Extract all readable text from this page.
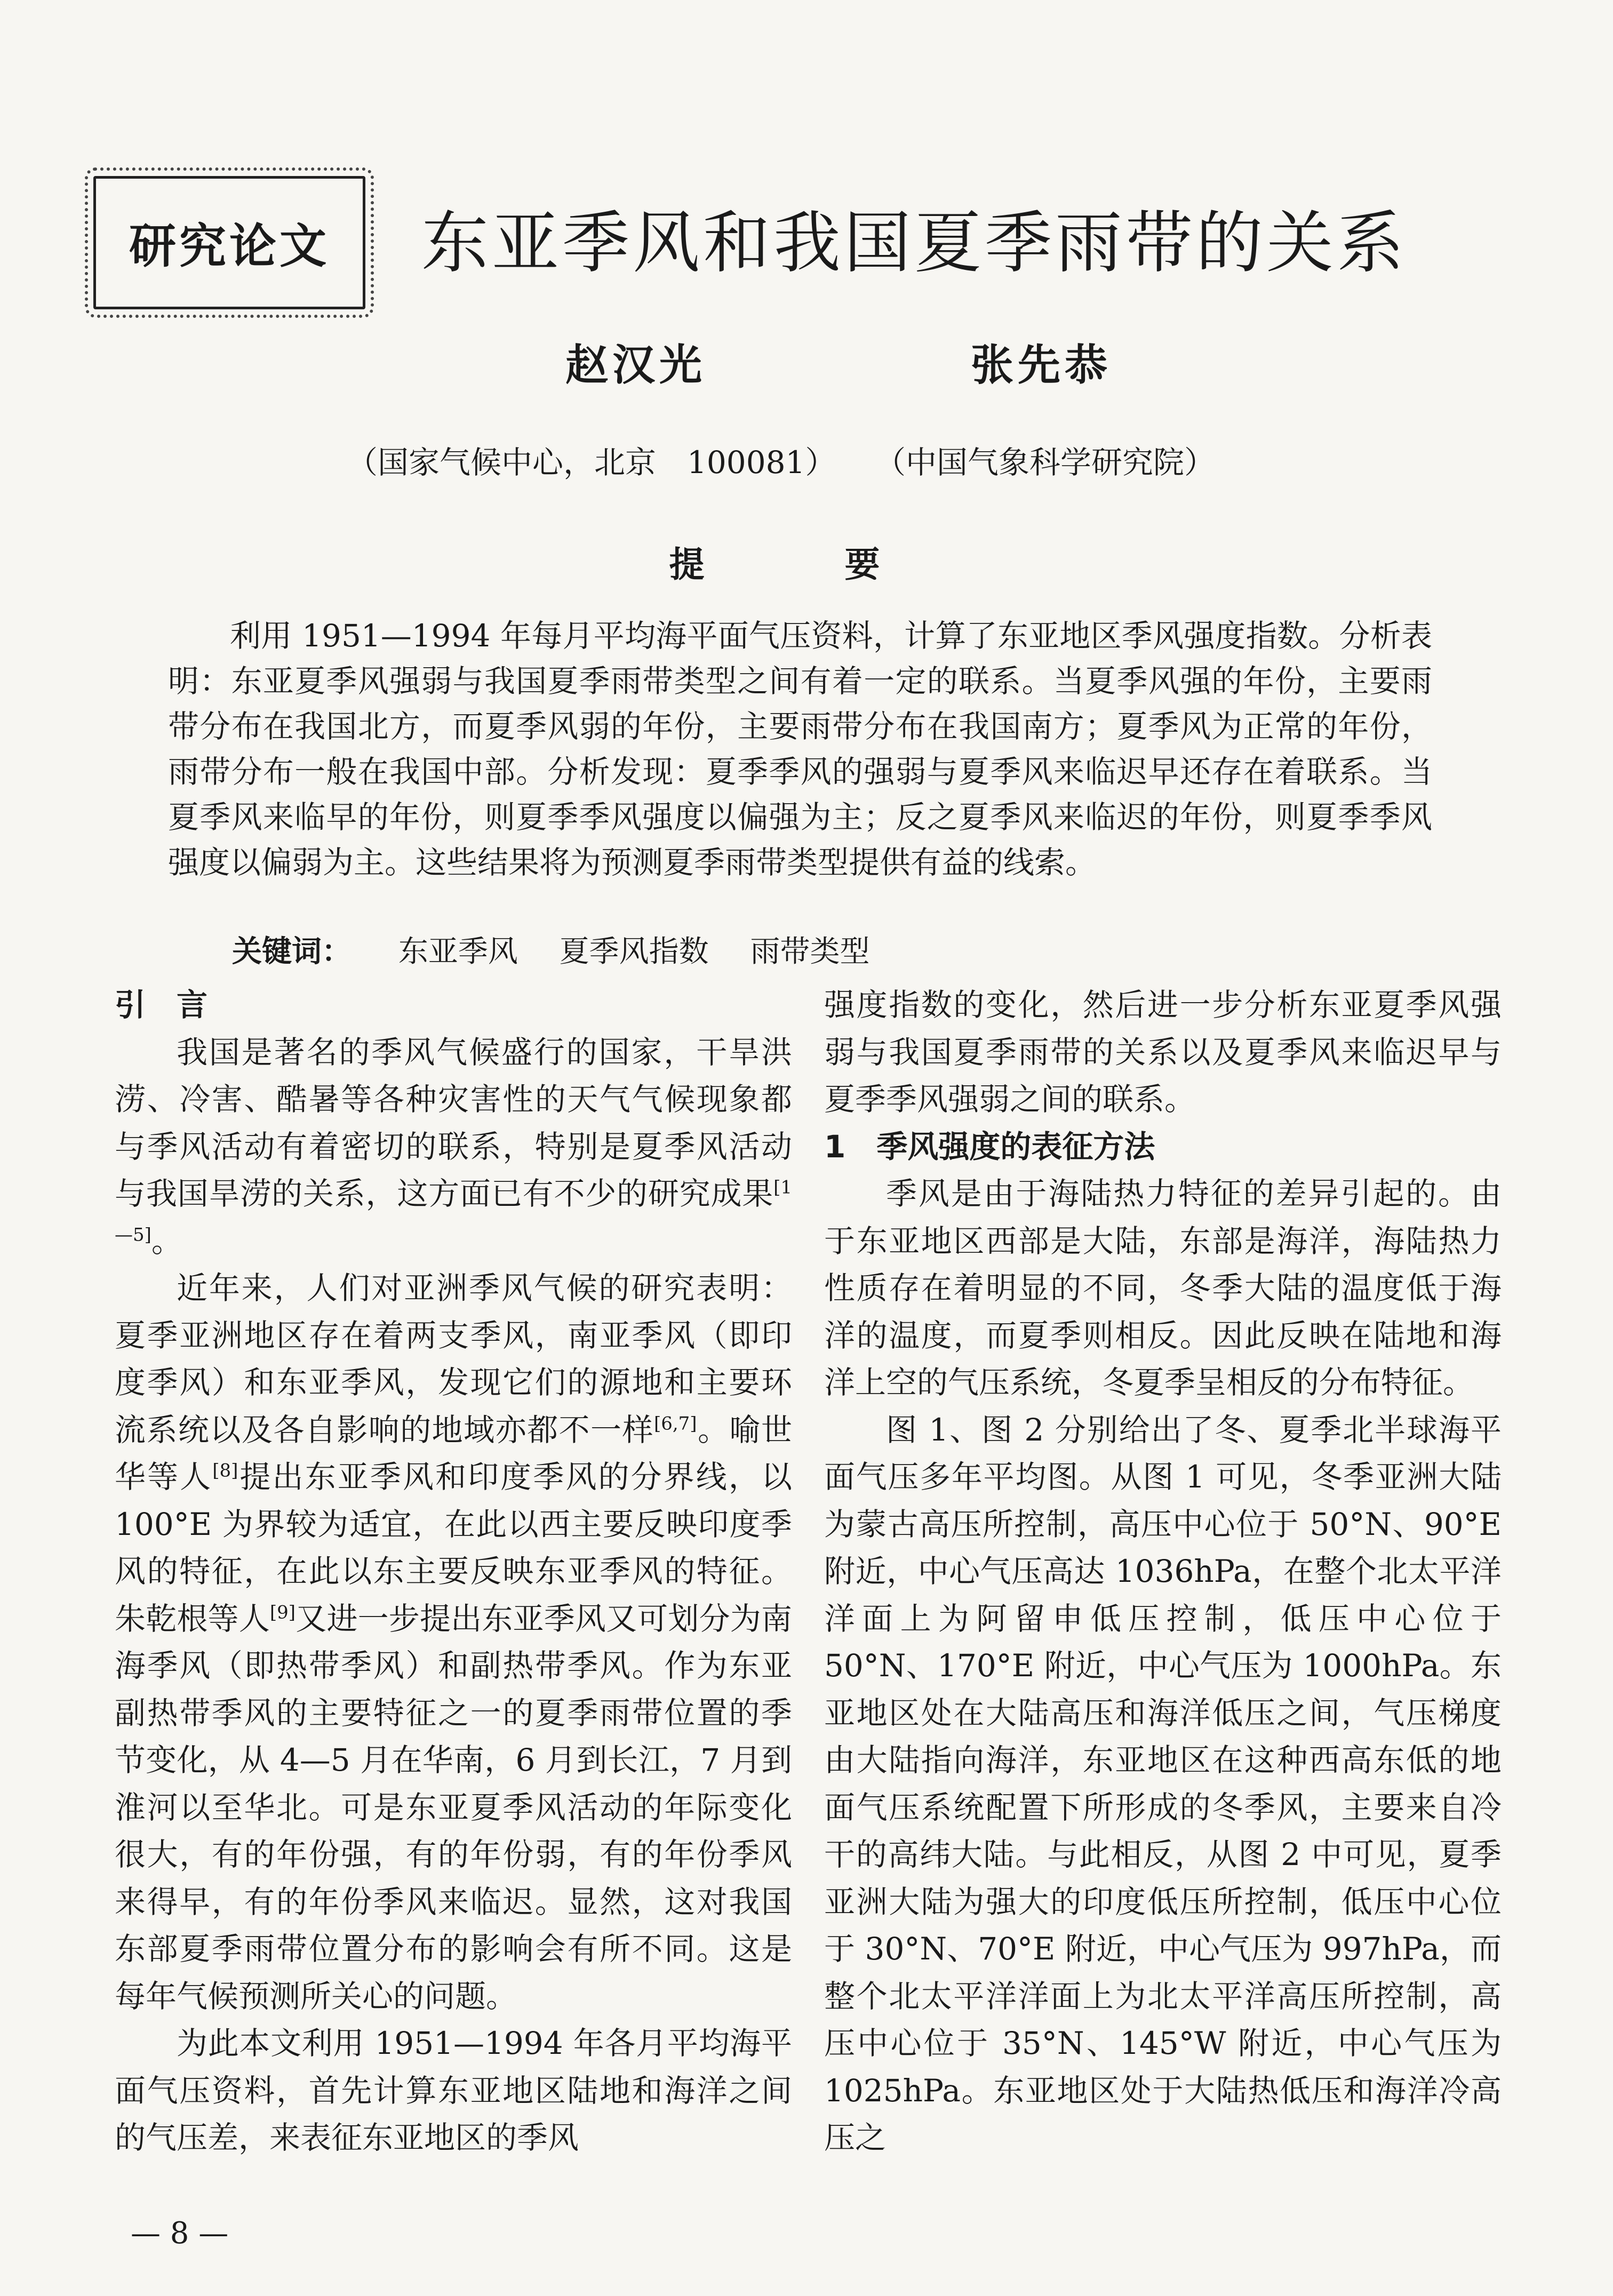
研究论文 东亚季风和我国夏季雨带的关系
赵汉光	张先恭
（国家气候中心，北京　100081） （中国气象科学研究院）
提 要
利用 1951—1994 年每月平均海平面气压资料，计算了东亚地区季风强度指数。分析表明：东亚夏季风强弱与我国夏季雨带类型之间有着一定的联系。当夏季风强的年份，主要雨带分布在我国北方，而夏季风弱的年份，主要雨带分布在我国南方；夏季风为正常的年份，雨带分布一般在我国中部。分析发现：夏季季风的强弱与夏季风来临迟早还存在着联系。当夏季风来临早的年份，则夏季季风强度以偏强为主；反之夏季风来临迟的年份，则夏季季风强度以偏弱为主。这些结果将为预测夏季雨带类型提供有益的线索。
关键词： 东亚季风 夏季风指数 雨带类型
引　言

我国是著名的季风气候盛行的国家，干旱洪涝、冷害、酷暑等各种灾害性的天气气候现象都与季风活动有着密切的联系，特别是夏季风活动与我国旱涝的关系，这方面已有不少的研究成果[1—5]。

近年来，人们对亚洲季风气候的研究表明：夏季亚洲地区存在着两支季风，南亚季风（即印度季风）和东亚季风，发现它们的源地和主要环流系统以及各自影响的地域亦都不一样[6,7]。喻世华等人[8]提出东亚季风和印度季风的分界线，以 100°E 为界较为适宜，在此以西主要反映印度季风的特征，在此以东主要反映东亚季风的特征。朱乾根等人[9]又进一步提出东亚季风又可划分为南海季风（即热带季风）和副热带季风。作为东亚副热带季风的主要特征之一的夏季雨带位置的季节变化，从 4—5 月在华南，6 月到长江，7 月到淮河以至华北。可是东亚夏季风活动的年际变化很大，有的年份强，有的年份弱，有的年份季风来得早，有的年份季风来临迟。显然，这对我国东部夏季雨带位置分布的影响会有所不同。这是每年气候预测所关心的问题。

为此本文利用 1951—1994 年各月平均海平面气压资料，首先计算东亚地区陆地和海洋之间的气压差，来表征东亚地区的季风

强度指数的变化，然后进一步分析东亚夏季风强弱与我国夏季雨带的关系以及夏季风来临迟早与夏季季风强弱之间的联系。

1　季风强度的表征方法

季风是由于海陆热力特征的差异引起的。由于东亚地区西部是大陆，东部是海洋，海陆热力性质存在着明显的不同，冬季大陆的温度低于海洋的温度，而夏季则相反。因此反映在陆地和海洋上空的气压系统，冬夏季呈相反的分布特征。

图 1、图 2 分别给出了冬、夏季北半球海平面气压多年平均图。从图 1 可见，冬季亚洲大陆为蒙古高压所控制，高压中心位于 50°N、90°E 附近，中心气压高达 1036hPa，在整个北太平洋洋面上为阿留申低压控制，低压中心位于 50°N、170°E 附近，中心气压为 1000hPa。东亚地区处在大陆高压和海洋低压之间，气压梯度由大陆指向海洋，东亚地区在这种西高东低的地面气压系统配置下所形成的冬季风，主要来自冷干的高纬大陆。与此相反，从图 2 中可见，夏季亚洲大陆为强大的印度低压所控制，低压中心位于 30°N、70°E 附近，中心气压为 997hPa，而整个北太平洋洋面上为北太平洋高压所控制，高压中心位于 35°N、145°W 附近，中心气压为 1025hPa。东亚地区处于大陆热低压和海洋冷高压之

— 8 —
